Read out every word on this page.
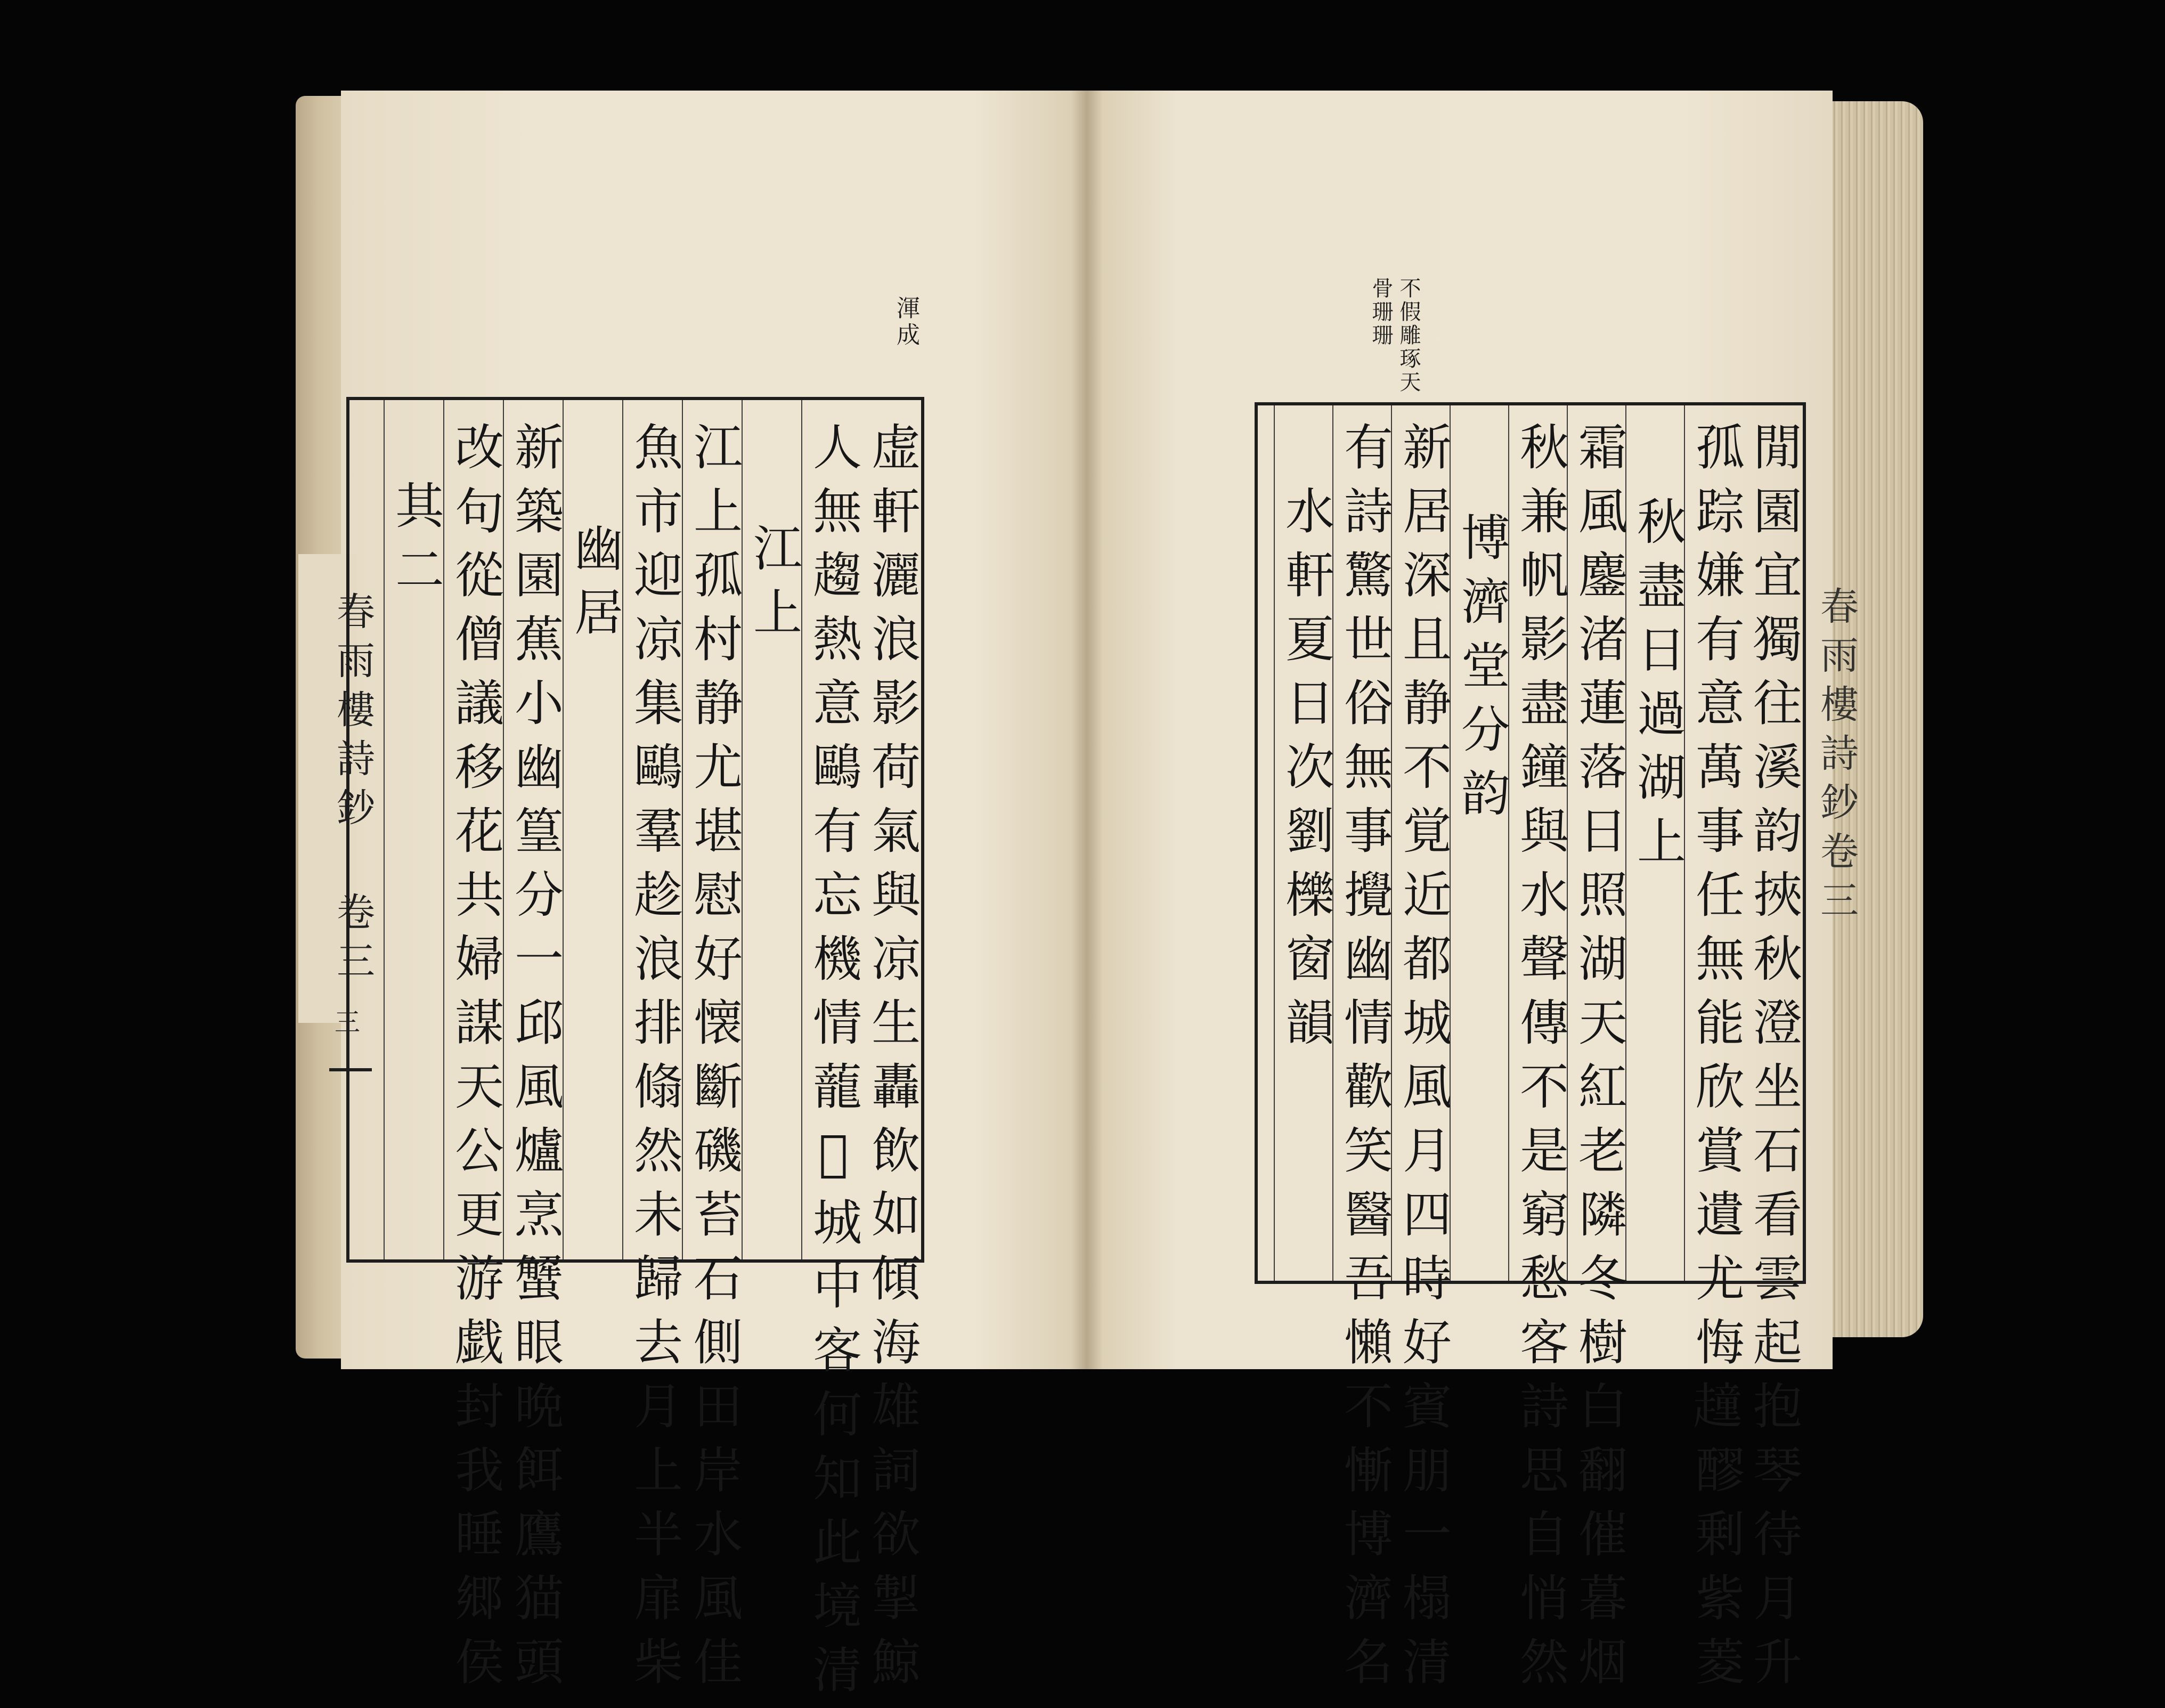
春雨樓詩鈔 卷三
三
春雨樓詩鈔卷三
渾成	不假雕琢天骨珊珊
虚軒灑浪影荷氣與凉生轟飲如傾海雄詞欲掣鯨
人無趨熱意鷗有忘機情蘢𧁷城中客何知此境清
江上
江上孤村静尤堪慰好懐斷磯苔石側田岸水風佳
魚市迎凉集鷗羣趁浪排翛然未歸去月上半扉柴
幽居
新築園蕉小幽篁分一邱風爐烹蟹眼晩餌鷹猫頭
改句從僧議移花共婦謀天公更游戯封我睡郷侯
其二	閒園宜獨往溪韵挾秋澄坐石看雲起抱琴待月升
孤踪嫌有意萬事任無能欣賞遺尤悔𧽿醪剰紫菱
秋盡日過湖上
霜風鏖渚蓮落日照湖天紅老隣冬樹白翻催暮烟
秋兼帆影盡鐘與水聲傳不是窮愁客詩思自悄然
博濟堂分韵
新居深且静不覚近都城風月四時好賓朋一榻清
有詩驚世俗無事攪幽情歡笑醫吾懶不慚博濟名
水軒夏日次劉櫟窗韻
